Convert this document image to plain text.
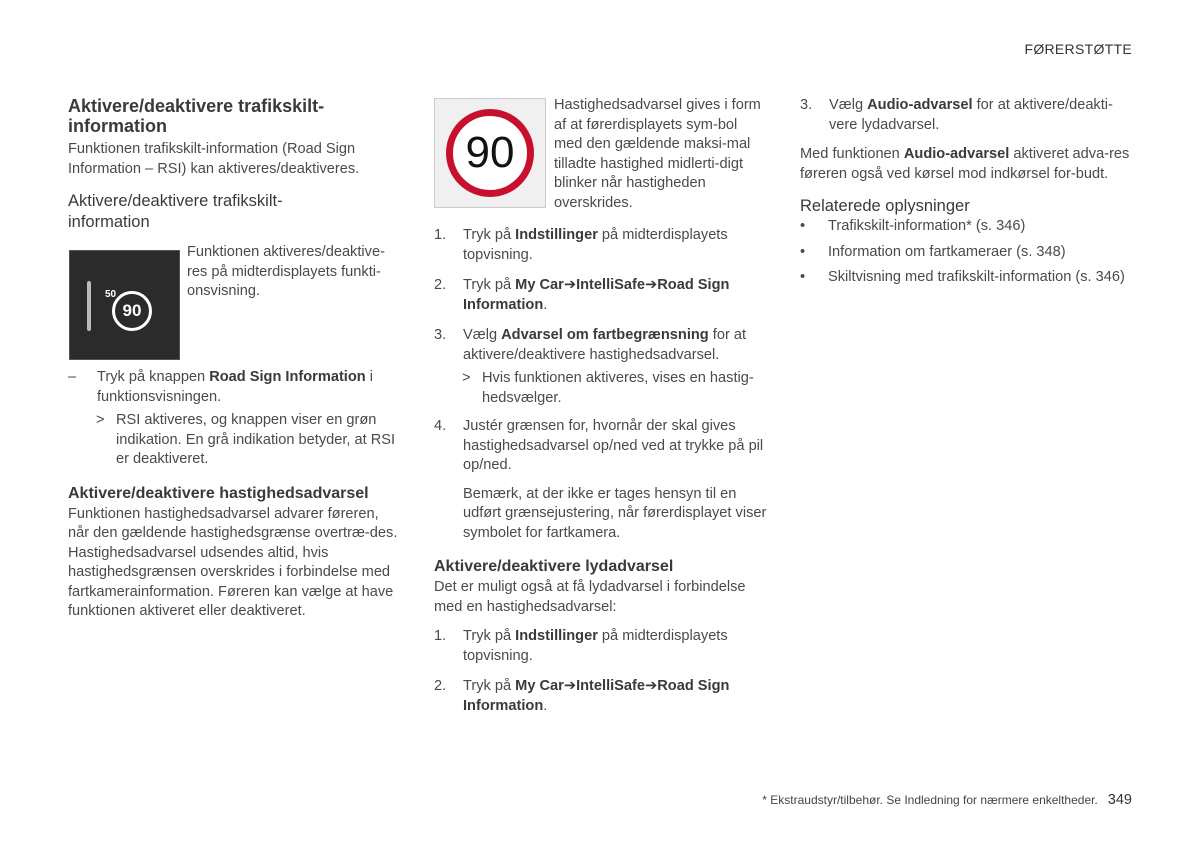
FØRERSTØTTE

Aktivere/deaktivere trafikskilt-information

Funktionen trafikskilt-information (Road Sign Information – RSI) kan aktiveres/deaktiveres.

Aktivere/deaktivere trafikskilt-information

50
90

Funktionen aktiveres/deaktive-res på midterdisplayets funkti-onsvisning.

– Tryk på knappen Road Sign Information i funktionsvisningen.
> RSI aktiveres, og knappen viser en grøn indikation. En grå indikation betyder, at RSI er deaktiveret.

Aktivere/deaktivere hastighedsadvarsel

Funktionen hastighedsadvarsel advarer føreren, når den gældende hastighedsgrænse overtræ-des. Hastighedsadvarsel udsendes altid, hvis hastighedsgrænsen overskrides i forbindelse med fartkamerainformation. Føreren kan vælge at have funktionen aktiveret eller deaktiveret.

90

Hastighedsadvarsel gives i form af at førerdisplayets sym-bol med den gældende maksi-mal tilladte hastighed midlerti-digt blinker når hastigheden overskrides.

1. Tryk på Indstillinger på midterdisplayets topvisning.
2. Tryk på My Car➔IntelliSafe➔Road Sign Information.
3. Vælg Advarsel om fartbegrænsning for at aktivere/deaktivere hastighedsadvarsel.
> Hvis funktionen aktiveres, vises en hastig-hedsvælger.
4. Justér grænsen for, hvornår der skal gives hastighedsadvarsel op/ned ved at trykke på pil op/ned.

Bemærk, at der ikke er tages hensyn til en udført grænsejustering, når førerdisplayet viser symbolet for fartkamera.

Aktivere/deaktivere lydadvarsel

Det er muligt også at få lydadvarsel i forbindelse med en hastighedsadvarsel:

1. Tryk på Indstillinger på midterdisplayets topvisning.
2. Tryk på My Car➔IntelliSafe➔Road Sign Information.
3. Vælg Audio-advarsel for at aktivere/deakti-vere lydadvarsel.

Med funktionen Audio-advarsel aktiveret adva-res føreren også ved kørsel mod indkørsel for-budt.

Relaterede oplysninger

• Trafikskilt-information* (s. 346)
• Information om fartkameraer (s. 348)
• Skiltvisning med trafikskilt-information (s. 346)
* Ekstraudstyr/tilbehør. Se Indledning for nærmere enkeltheder. 349
